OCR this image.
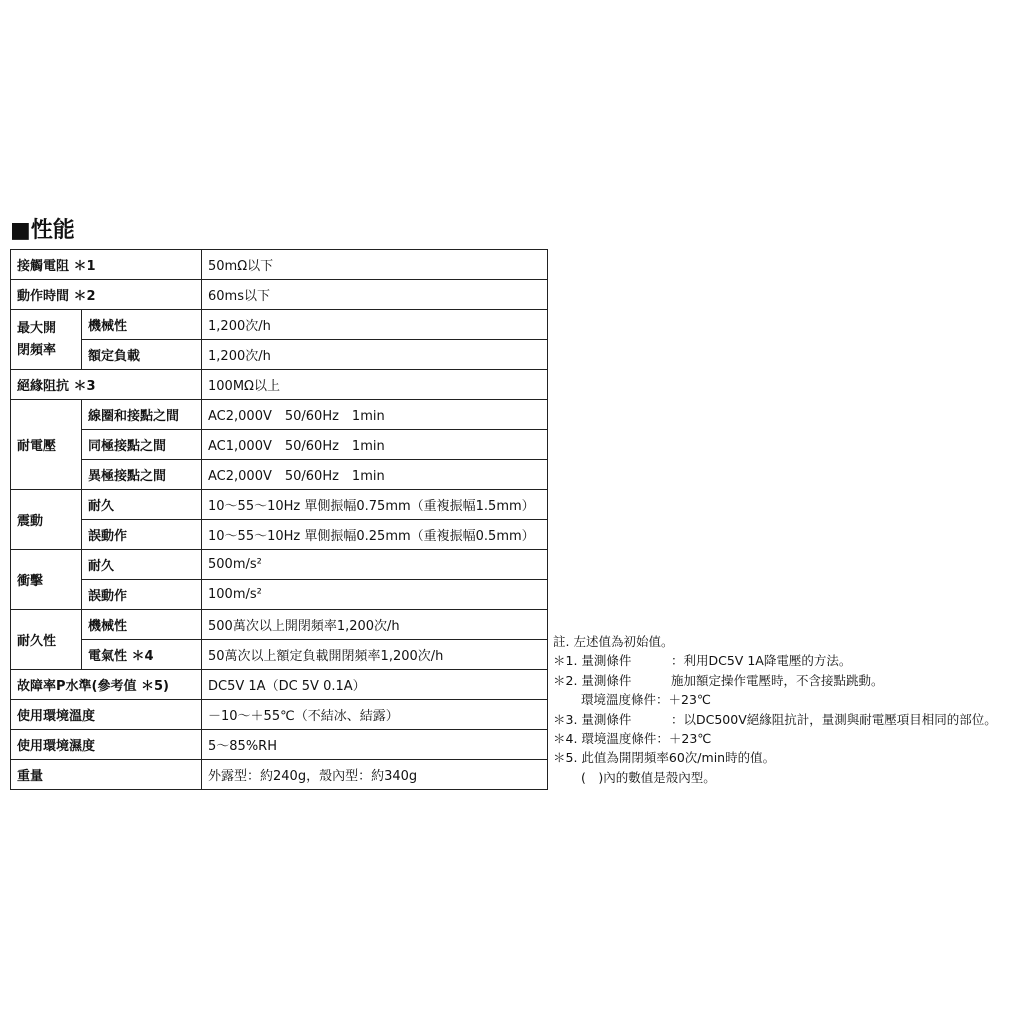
■性能
接觸電阻 ＊1		50mΩ以下
動作時間 ＊2		60ms以下
最大開閉頻率	機械性	1,200次/h
	額定負載	1,200次/h
絕緣阻抗 ＊3		100MΩ以上
耐電壓	線圈和接點之間	AC2,000V　50/60Hz　1min
	同極接點之間	AC1,000V　50/60Hz　1min
	異極接點之間	AC2,000V　50/60Hz　1min
震動	耐久	10～55～10Hz 單側振幅0.75mm（重複振幅1.5mm）
	誤動作	10～55～10Hz 單側振幅0.25mm（重複振幅0.5mm）
衝擊	耐久	500m/s²
	誤動作	100m/s²
耐久性	機械性	500萬次以上開閉頻率1,200次/h
	電氣性 ＊4	50萬次以上額定負載開閉頻率1,200次/h
故障率P水準(參考值 ＊5)		DC5V 1A（DC 5V 0.1A）
使用環境溫度		－10～＋55℃（不結冰、結露）
使用環境濕度		5～85%RH
重量		外露型：約240g，殼內型：約340g
註. 左述值為初始值。
＊1. 量測條件	：利用DC5V 1A降電壓的方法。
＊2. 量測條件	施加額定操作電壓時，不含接點跳動。
環境溫度條件：＋23℃
＊3. 量測條件	：以DC500V絕緣阻抗計，量測與耐電壓項目相同的部位。
＊4. 環境溫度條件：＋23℃
＊5. 此值為開閉頻率60次/min時的值。
(　)內的數值是殼內型。
